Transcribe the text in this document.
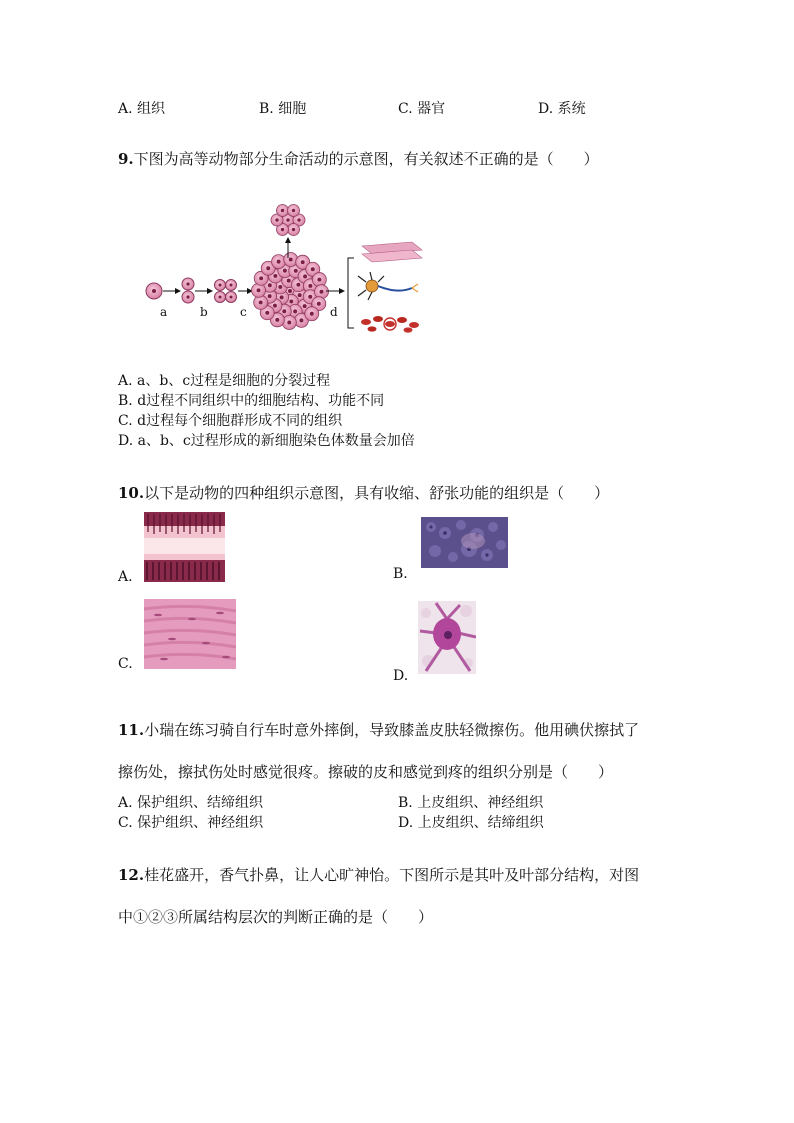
A. 组织	B. 细胞	C. 器官	D. 系统
9.下图为高等动物部分生命活动的示意图，有关叙述不正确的是（　　）
a	b	c	d
A. a、b、c过程是细胞的分裂过程
B. d过程不同组织中的细胞结构、功能不同
C. d过程每个细胞群形成不同的组织
D. a、b、c过程形成的新细胞染色体数量会加倍
10.以下是动物的四种组织示意图，具有收缩、舒张功能的组织是（　　）
A.	B.
C.
D.
11.小瑞在练习骑自行车时意外摔倒，导致膝盖皮肤轻微擦伤。他用碘伏擦拭了
擦伤处，擦拭伤处时感觉很疼。擦破的皮和感觉到疼的组织分别是（　　）
A. 保护组织、结缔组织	B. 上皮组织、神经组织
C. 保护组织、神经组织	D. 上皮组织、结缔组织
12.桂花盛开，香气扑鼻，让人心旷神怡。下图所示是其叶及叶部分结构，对图
中①②③所属结构层次的判断正确的是（　　）
